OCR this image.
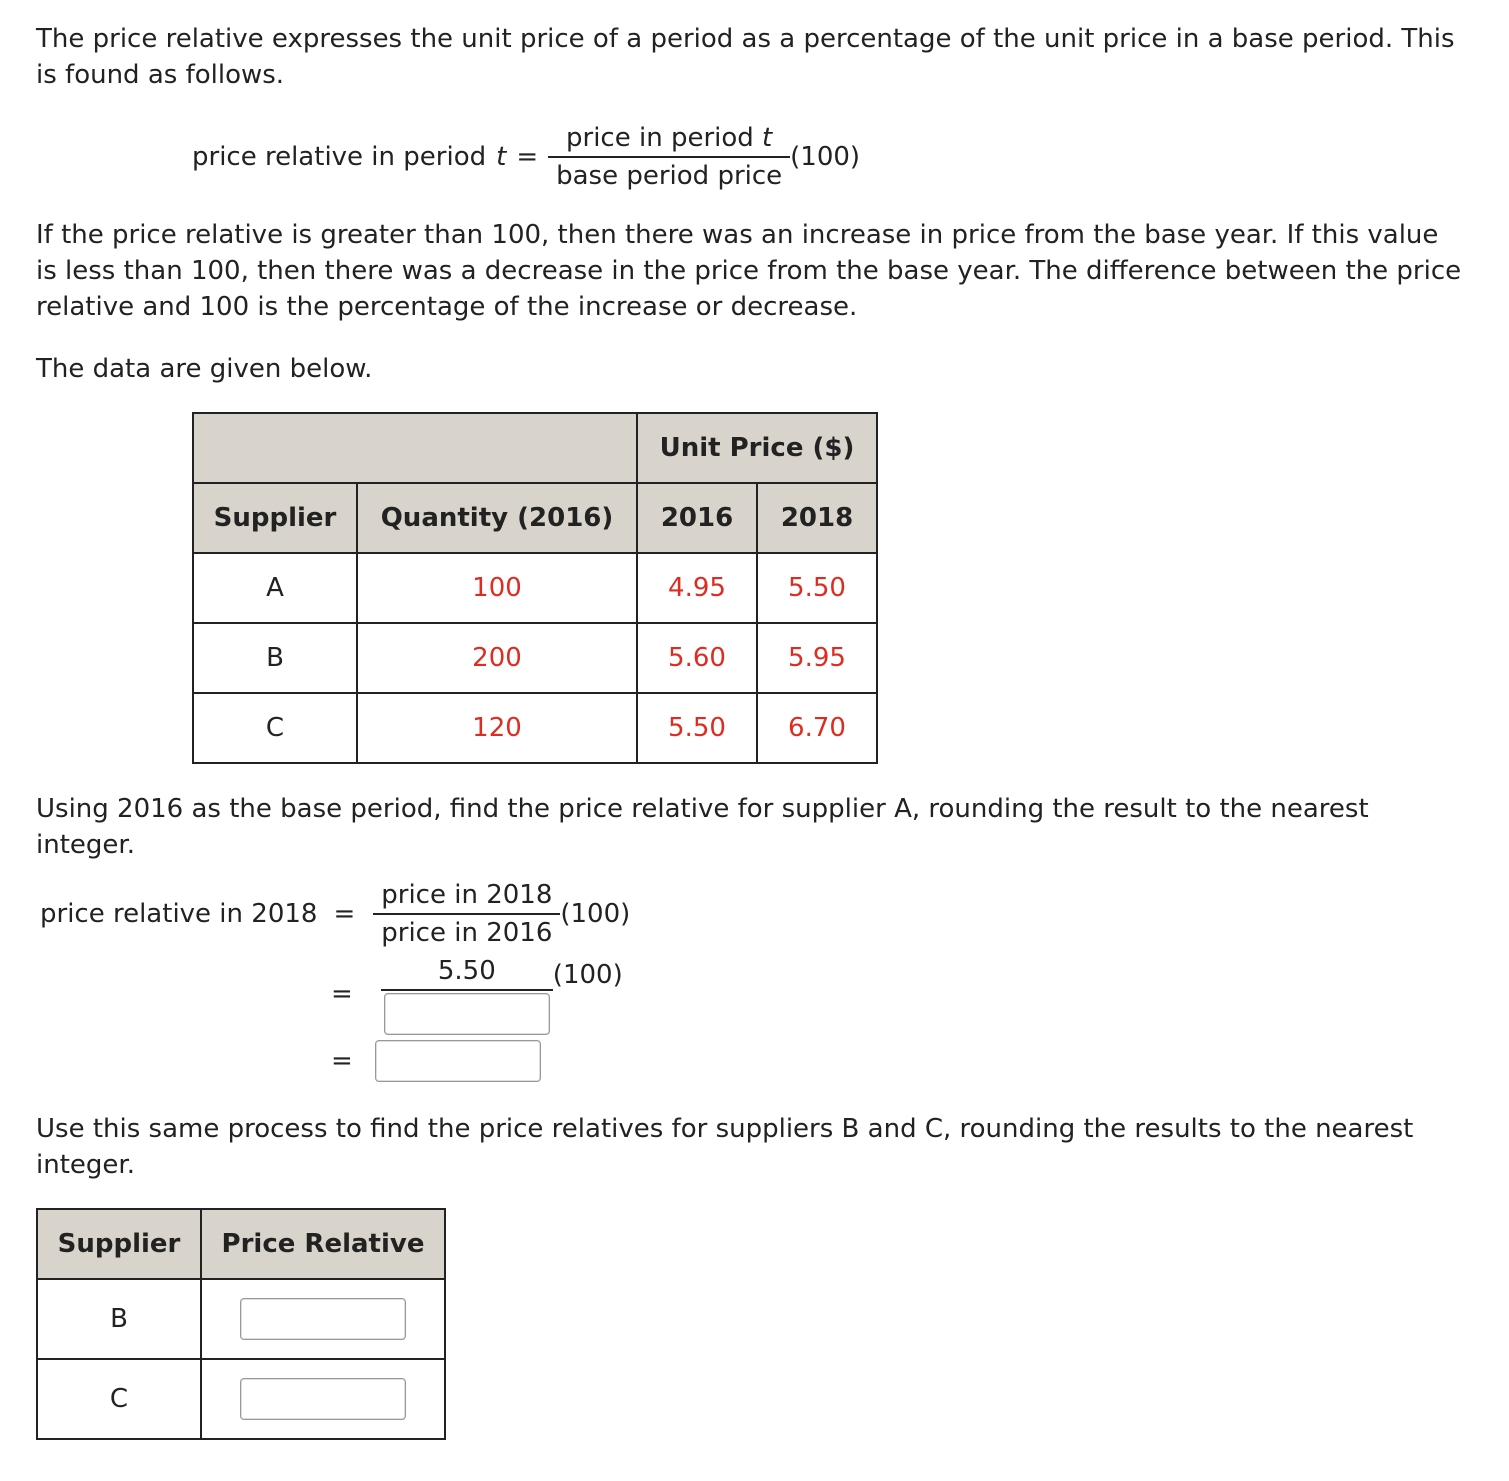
The price relative expresses the unit price of a period as a percentage of the unit price in a base period. This
is found as follows.
price relative in period $t = \frac{\text{price in period t}}{\text{base period price}} (100)$
If the price relative is greater than 100, then there was an increase in price from the base year. If this value
is less than 100, then there was a decrease in the price from the base year. The difference between the price
relative and 100 is the percentage of the increase or decrease.
The data are given below.
		Unit Price ($)	
Supplier	Quantity (2016)	2016	2018
A	100	4.95	5.50
B	200	5.60	5.95
C	120	5.50	6.70
Using 2016 as the base period, find the price relative for supplier A, rounding the result to the nearest
integer.
price relative in $2018 = \frac{\text{price in 2018}}{\text{price in 2016}} (100)$
=
5.50	(100)
=
Use this same process to find the price relatives for suppliers B and C, rounding the results to the nearest
integer.
Supplier	Price Relative
B	
C	
